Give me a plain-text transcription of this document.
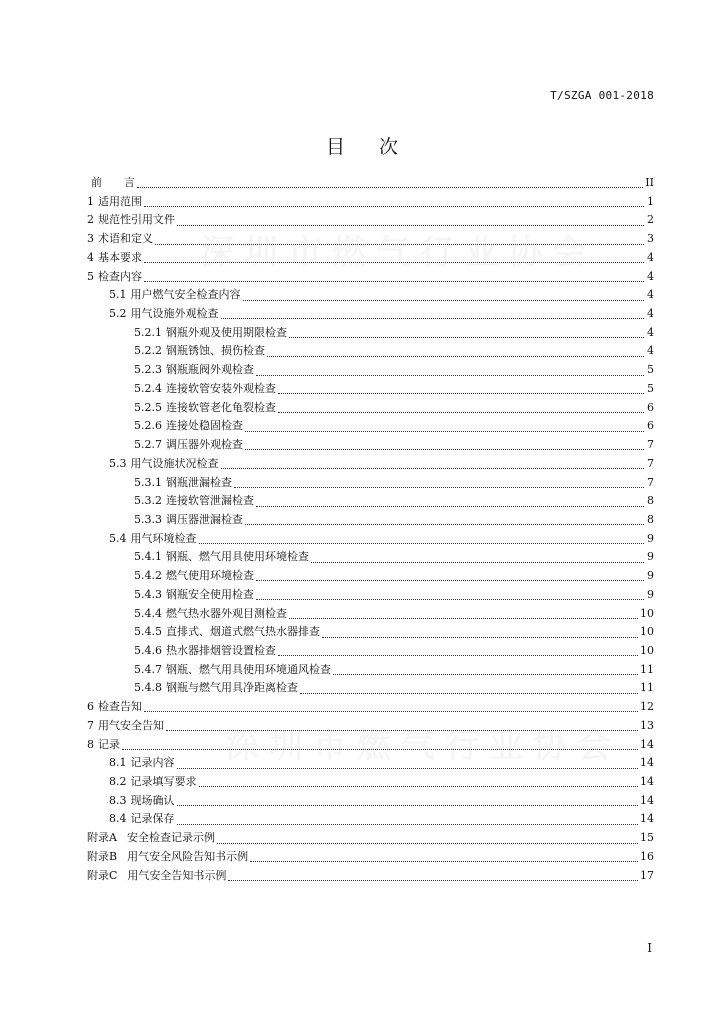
T/SZGA 001-2018
目次
前　　言	II
1 适用范围	1
2 规范性引用文件	2
3 术语和定义	3
4 基本要求	4
5 检查内容	4
5.1 用户燃气安全检查内容	4
5.2 用气设施外观检查	4
5.2.1 钢瓶外观及使用期限检查	4
5.2.2 钢瓶锈蚀、损伤检查	4
5.2.3 钢瓶瓶阀外观检查	5
5.2.4 连接软管安装外观检查	5
5.2.5 连接软管老化龟裂检查	6
5.2.6 连接处稳固检查	6
5.2.7 调压器外观检查	7
5.3 用气设施状况检查	7
5.3.1 钢瓶泄漏检查	7
5.3.2 连接软管泄漏检查	8
5.3.3 调压器泄漏检查	8
5.4 用气环境检查	9
5.4.1 钢瓶、燃气用具使用环境检查	9
5.4.2 燃气使用环境检查	9
5.4.3 钢瓶安全使用检查	9
5.4.4 燃气热水器外观目测检查	10
5.4.5 直排式、烟道式燃气热水器排查	10
5.4.6 热水器排烟管设置检查	10
5.4.7 钢瓶、燃气用具使用环境通风检查	11
5.4.8 钢瓶与燃气用具净距离检查	11
6 检查告知	12
7 用气安全告知	13
8 记录	14
8.1 记录内容	14
8.2 记录填写要求	14
8.3 现场确认	14
8.4 记录保存	14
附录A 安全检查记录示例	15
附录B 用气安全风险告知书示例	16
附录C 用气安全告知书示例	17
I
